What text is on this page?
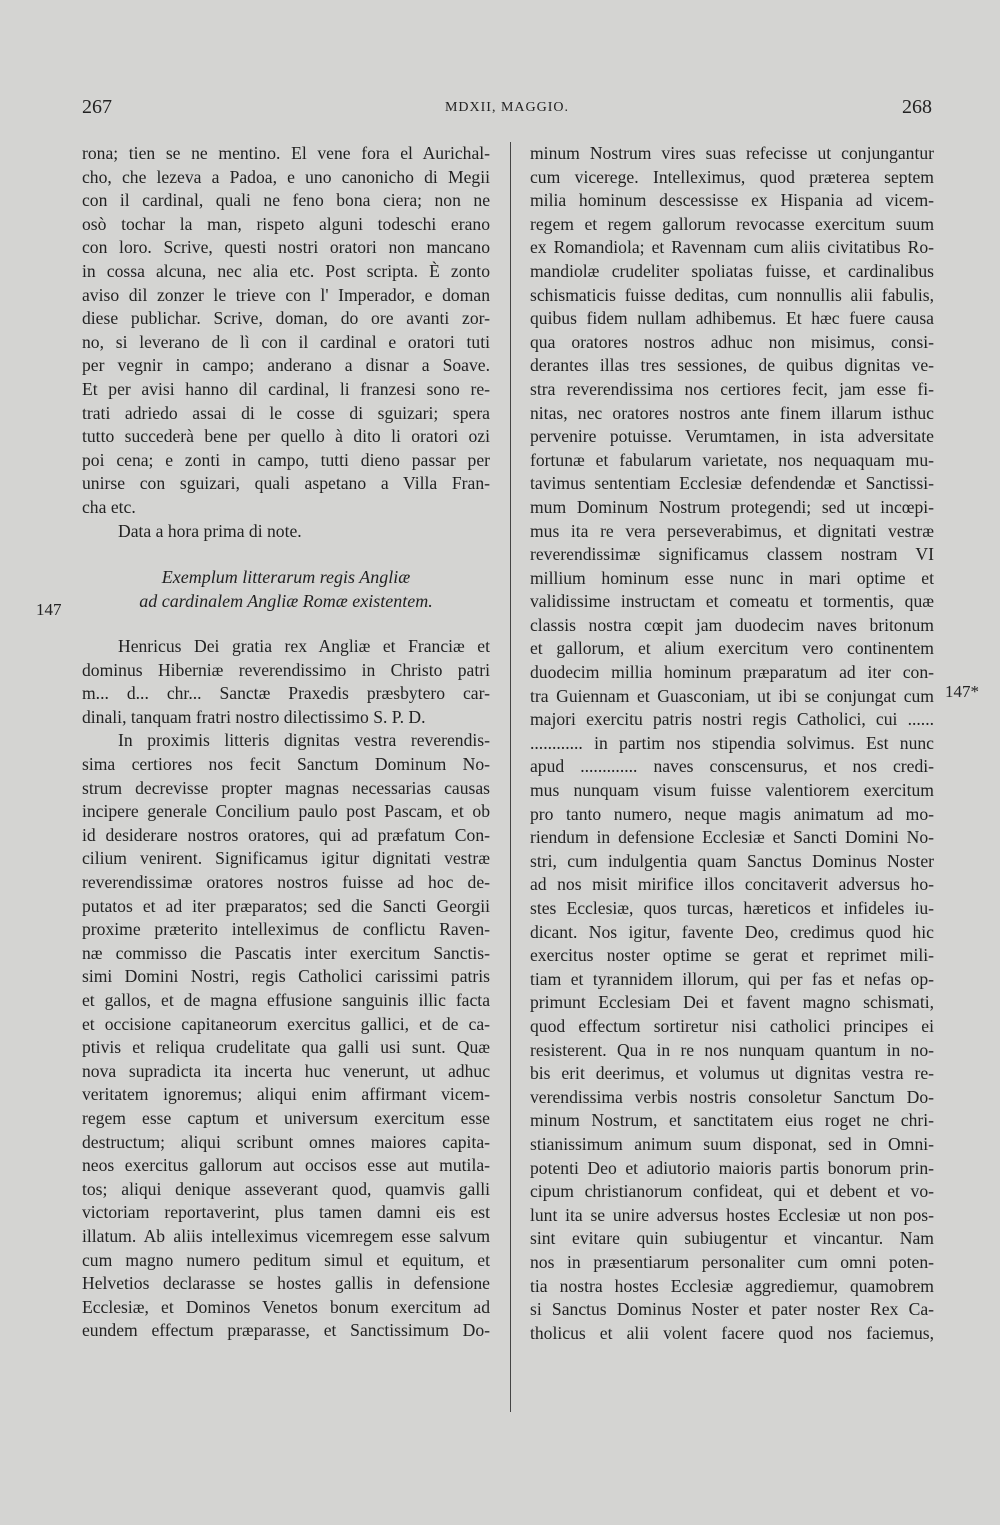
267	MDXII, MAGGIO.	268
147
147*
rona; tien se ne mentino. El vene fora el Aurichal-
cho, che lezeva a Padoa, e uno canonicho di Megii
con il cardinal, quali ne feno bona ciera; non ne
osò tochar la man, rispeto alguni todeschi erano
con loro. Scrive, questi nostri oratori non mancano
in cossa alcuna, nec alia etc. Post scripta. È zonto
aviso dil zonzer le trieve con l' Imperador, e doman
diese publichar. Scrive, doman, do ore avanti zor-
no, si leverano de lì con il cardinal e oratori tuti
per vegnir in campo; anderano a disnar a Soave.
Et per avisi hanno dil cardinal, li franzesi sono re-
trati adriedo assai di le cosse di sguizari; spera
tutto succederà bene per quello à dito li oratori ozi
poi cena; e zonti in campo, tutti dieno passar per
unirse con sguizari, quali aspetano a Villa Fran-
cha etc.
Data a hora prima di note.
Exemplum litterarum regis Angliæ
ad cardinalem Angliæ Romæ existentem.
Henricus Dei gratia rex Angliæ et Franciæ et
dominus Hiberniæ reverendissimo in Christo patri
m... d... chr... Sanctæ Praxedis præsbytero car-
dinali, tanquam fratri nostro dilectissimo S. P. D.
In proximis litteris dignitas vestra reverendis-
sima certiores nos fecit Sanctum Dominum No-
strum decrevisse propter magnas necessarias causas
incipere generale Concilium paulo post Pascam, et ob
id desiderare nostros oratores, qui ad præfatum Con-
cilium venirent. Significamus igitur dignitati vestræ
reverendissimæ oratores nostros fuisse ad hoc de-
putatos et ad iter præparatos; sed die Sancti Georgii
proxime præterito intelleximus de conflictu Raven-
næ commisso die Pascatis inter exercitum Sanctis-
simi Domini Nostri, regis Catholici carissimi patris
et gallos, et de magna effusione sanguinis illic facta
et occisione capitaneorum exercitus gallici, et de ca-
ptivis et reliqua crudelitate qua galli usi sunt. Quæ
nova supradicta ita incerta huc venerunt, ut adhuc
veritatem ignoremus; aliqui enim affirmant vicem-
regem esse captum et universum exercitum esse
destructum; aliqui scribunt omnes maiores capita-
neos exercitus gallorum aut occisos esse aut mutila-
tos; aliqui denique asseverant quod, quamvis galli
victoriam reportaverint, plus tamen damni eis est
illatum. Ab aliis intelleximus vicemregem esse salvum
cum magno numero peditum simul et equitum, et
Helvetios declarasse se hostes gallis in defensione
Ecclesiæ, et Dominos Venetos bonum exercitum ad
eundem effectum præparasse, et Sanctissimum Do-
minum Nostrum vires suas refecisse ut conjungantur
cum vicerege. Intelleximus, quod præterea septem
milia hominum descessisse ex Hispania ad vicem-
regem et regem gallorum revocasse exercitum suum
ex Romandiola; et Ravennam cum aliis civitatibus Ro-
mandiolæ crudeliter spoliatas fuisse, et cardinalibus
schismaticis fuisse deditas, cum nonnullis alii fabulis,
quibus fidem nullam adhibemus. Et hæc fuere causa
qua oratores nostros adhuc non misimus, consi-
derantes illas tres sessiones, de quibus dignitas ve-
stra reverendissima nos certiores fecit, jam esse fi-
nitas, nec oratores nostros ante finem illarum isthuc
pervenire potuisse. Verumtamen, in ista adversitate
fortunæ et fabularum varietate, nos nequaquam mu-
tavimus sententiam Ecclesiæ defendendæ et Sanctissi-
mum Dominum Nostrum protegendi; sed ut incœpi-
mus ita re vera perseverabimus, et dignitati vestræ
reverendissimæ significamus classem nostram VI
millium hominum esse nunc in mari optime et
validissime instructam et comeatu et tormentis, quæ
classis nostra cœpit jam duodecim naves britonum
et gallorum, et alium exercitum vero continentem
duodecim millia hominum præparatum ad iter con-
tra Guiennam et Guasconiam, ut ibi se conjungat cum
majori exercitu patris nostri regis Catholici, cui ......
............ in partim nos stipendia solvimus. Est nunc
apud ............. naves conscensurus, et nos credi-
mus nunquam visum fuisse valentiorem exercitum
pro tanto numero, neque magis animatum ad mo-
riendum in defensione Ecclesiæ et Sancti Domini No-
stri, cum indulgentia quam Sanctus Dominus Noster
ad nos misit mirifice illos concitaverit adversus ho-
stes Ecclesiæ, quos turcas, hæreticos et infideles iu-
dicant. Nos igitur, favente Deo, credimus quod hic
exercitus noster optime se gerat et reprimet mili-
tiam et tyrannidem illorum, qui per fas et nefas op-
primunt Ecclesiam Dei et favent magno schismati,
quod effectum sortiretur nisi catholici principes ei
resisterent. Qua in re nos nunquam quantum in no-
bis erit deerimus, et volumus ut dignitas vestra re-
verendissima verbis nostris consoletur Sanctum Do-
minum Nostrum, et sanctitatem eius roget ne chri-
stianissimum animum suum disponat, sed in Omni-
potenti Deo et adiutorio maioris partis bonorum prin-
cipum christianorum confideat, qui et debent et vo-
lunt ita se unire adversus hostes Ecclesiæ ut non pos-
sint evitare quin subiugentur et vincantur. Nam
nos in præsentiarum personaliter cum omni poten-
tia nostra hostes Ecclesiæ aggrediemur, quamobrem
si Sanctus Dominus Noster et pater noster Rex Ca-
tholicus et alii volent facere quod nos faciemus,
